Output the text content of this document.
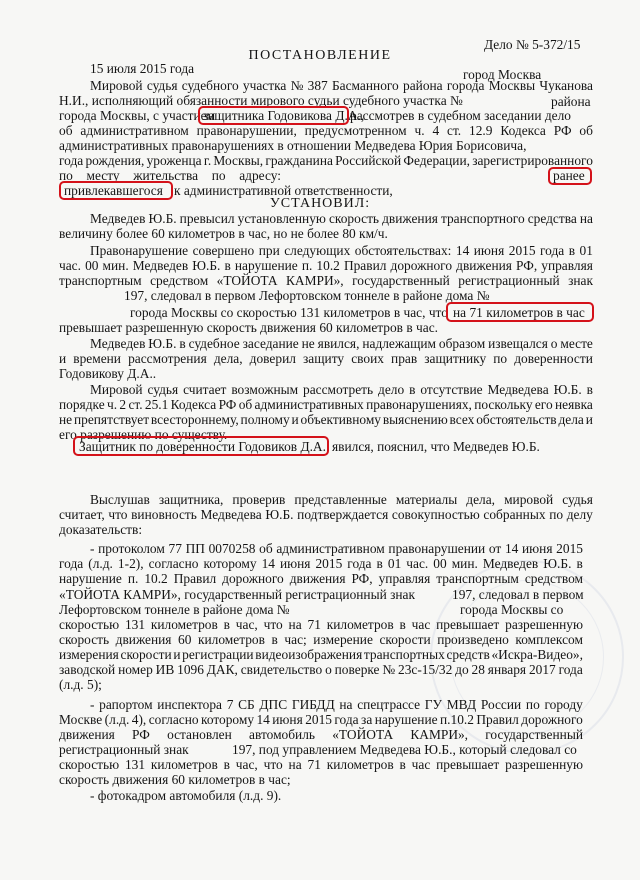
Дело № 5-372/15
ПОСТАНОВЛЕНИЕ
15 июля 2015 года	город Москва
Мировой судья судебного участка № 387 Басманного района города Москвы Чуканова
Н.И., исполняющий обязанности мирового судьи судебного участка №	района
города Москвы, с участием
защитника Годовикова Д.А.,
рассмотрев в судебном заседании дело
об административном правонарушении, предусмотренном ч. 4 ст. 12.9 Кодекса РФ об
административных правонарушениях в отношении Медведева Юрия Борисовича,
года рождения, уроженца г. Москвы, гражданина Российской Федерации, зарегистрированного
по месту жительства по адресу:	ранее
привлекавшегося к административной ответственности,
УСТАНОВИЛ:
Медведев Ю.Б. превысил установленную скорость движения транспортного средства на
величину более 60 километров в час, но не более 80 км/ч.
Правонарушение совершено при следующих обстоятельствах: 14 июня 2015 года в 01
час. 00 мин. Медведев Ю.Б. в нарушение п. 10.2 Правил дорожного движения РФ, управляя
транспортным средством «ТОЙОТА КАМРИ», государственный регистрационный знак
197, следовал в первом Лефортовском тоннеле в районе дома №
города Москвы со скоростью 131 километров в час, что на 71 километров в час
превышает разрешенную скорость движения 60 километров в час.
Медведев Ю.Б. в судебное заседание не явился, надлежащим образом извещался о месте
и времени рассмотрения дела, доверил защиту своих прав защитнику по доверенности
Годовикову Д.А..
Мировой судья считает возможным рассмотреть дело в отсутствие Медведева Ю.Б. в
порядке ч. 2 ст. 25.1 Кодекса РФ об административных правонарушениях, поскольку его неявка
не препятствует всестороннему, полному и объективному выяснению всех обстоятельств дела и
его разрешению по существу.
Защитник по доверенности Годовиков Д.А. явился, пояснил, что Медведев Ю.Б.
Выслушав защитника, проверив представленные материалы дела, мировой судья
считает, что виновность Медведева Ю.Б. подтверждается совокупностью собранных по делу
доказательств:
- протоколом 77 ПП 0070258 об административном правонарушении от 14 июня 2015
года (л.д. 1-2), согласно которому 14 июня 2015 года в 01 час. 00 мин. Медведев Ю.Б. в
нарушение п. 10.2 Правил дорожного движения РФ, управляя транспортным средством
«ТОЙОТА КАМРИ», государственный регистрационный знак	197, следовал в первом
Лефортовском тоннеле в районе дома №	города Москвы со
скоростью 131 километров в час, что на 71 километров в час превышает разрешенную
скорость движения 60 километров в час; измерение скорости произведено комплексом
измерения скорости и регистрации видеоизображения транспортных средств «Искра-Видео»,
заводской номер ИВ 1096 ДАК, свидетельство о поверке № 23с-15/32 до 28 января 2017 года
(л.д. 5);
- рапортом инспектора 7 СБ ДПС ГИБДД на спецтрассе ГУ МВД России по городу
Москве (л.д. 4), согласно которому 14 июня 2015 года за нарушение п.10.2 Правил дорожного
движения РФ остановлен автомобиль «ТОЙОТА КАМРИ», государственный
регистрационный знак	197, под управлением Медведева Ю.Б., который следовал со
скоростью 131 километров в час, что на 71 километров в час превышает разрешенную
скорость движения 60 километров в час;
- фотокадром автомобиля (л.д. 9).
